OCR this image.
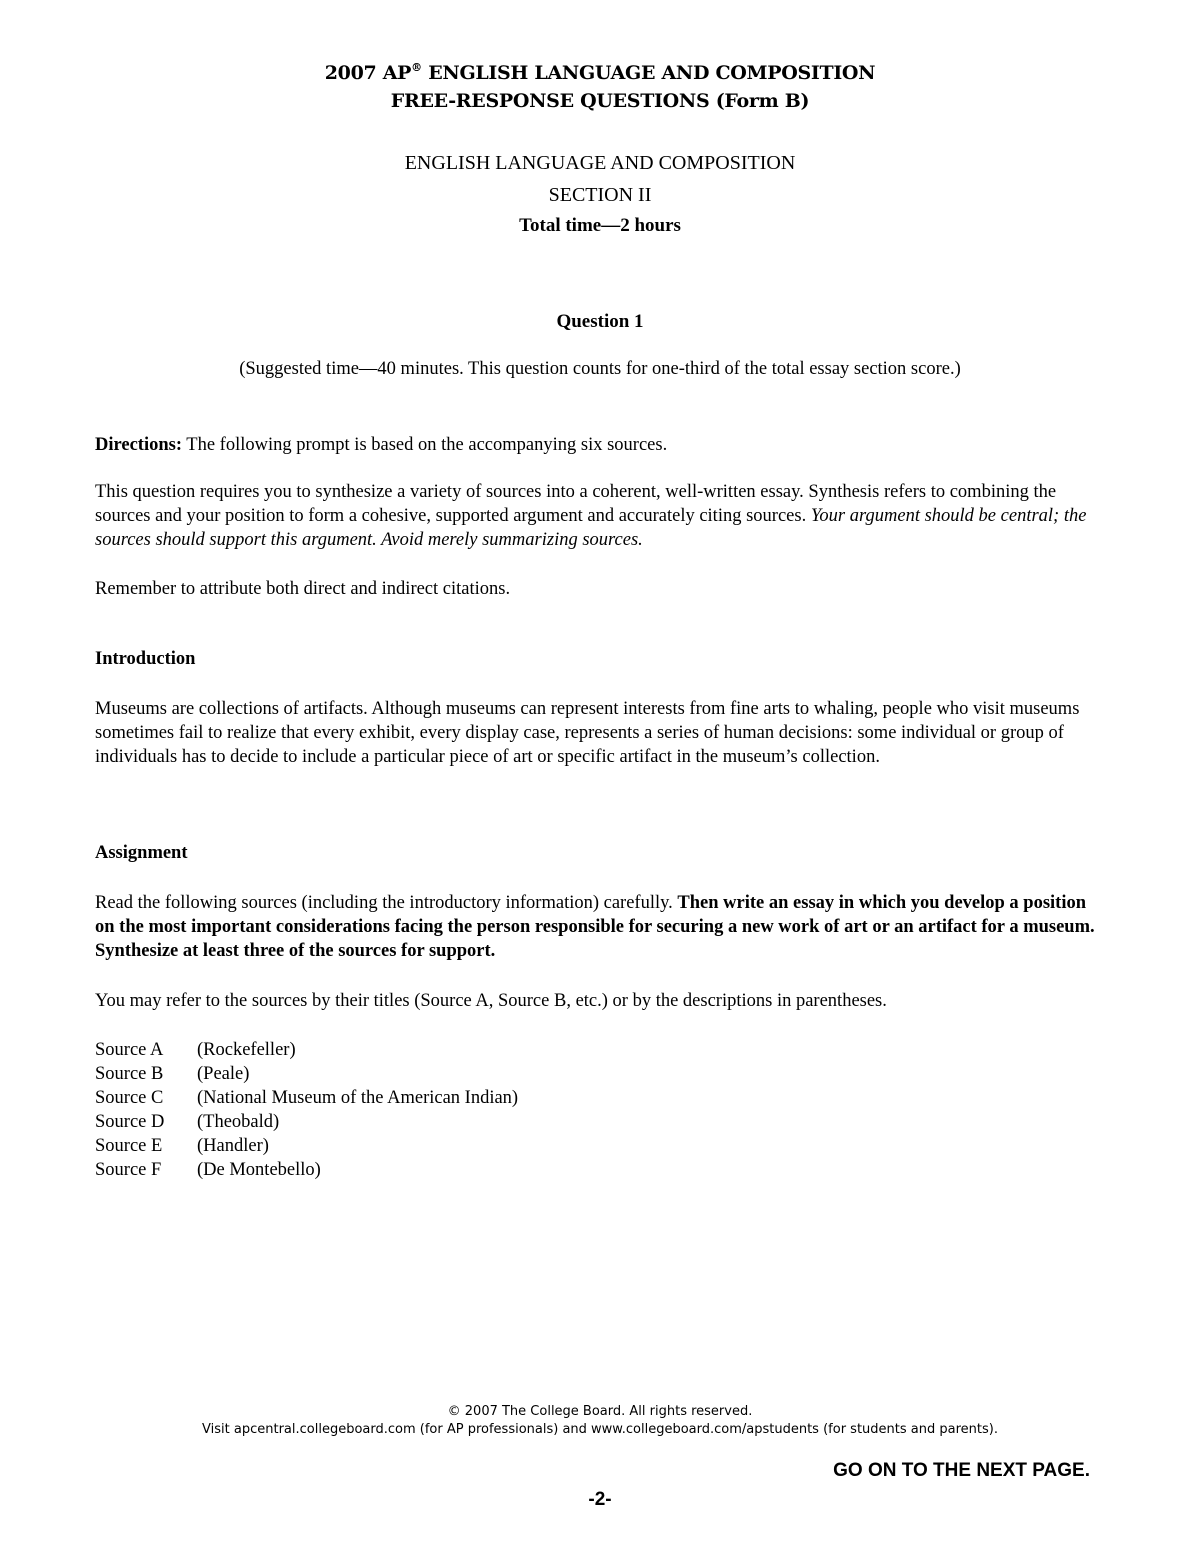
2007 AP® ENGLISH LANGUAGE AND COMPOSITION
FREE-RESPONSE QUESTIONS (Form B)
ENGLISH LANGUAGE AND COMPOSITION
SECTION II
Total time—2 hours
Question 1
(Suggested time—40 minutes. This question counts for one-third of the total essay section score.)
Directions: The following prompt is based on the accompanying six sources.
This question requires you to synthesize a variety of sources into a coherent, well-written essay. Synthesis refers to combining the sources and your position to form a cohesive, supported argument and accurately citing sources. Your argument should be central; the sources should support this argument. Avoid merely summarizing sources.
Remember to attribute both direct and indirect citations.
Introduction
Museums are collections of artifacts. Although museums can represent interests from fine arts to whaling, people who visit museums sometimes fail to realize that every exhibit, every display case, represents a series of human decisions: some individual or group of individuals has to decide to include a particular piece of art or specific artifact in the museum’s collection.
Assignment
Read the following sources (including the introductory information) carefully. Then write an essay in which you develop a position on the most important considerations facing the person responsible for securing a new work of art or an artifact for a museum. Synthesize at least three of the sources for support.
You may refer to the sources by their titles (Source A, Source B, etc.) or by the descriptions in parentheses.
Source A	(Rockefeller)
Source B	(Peale)
Source C	(National Museum of the American Indian)
Source D	(Theobald)
Source E	(Handler)
Source F	(De Montebello)
© 2007 The College Board. All rights reserved.
Visit apcentral.collegeboard.com (for AP professionals) and www.collegeboard.com/apstudents (for students and parents).
GO ON TO THE NEXT PAGE.
-2-
